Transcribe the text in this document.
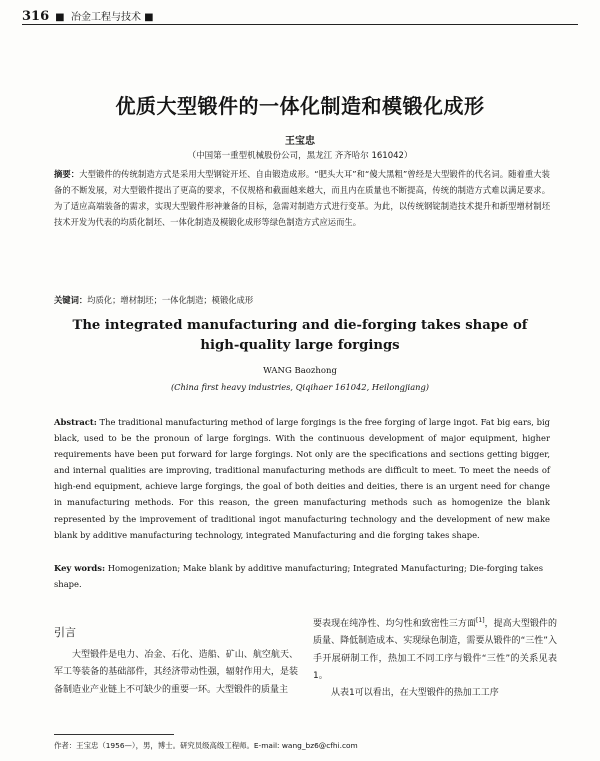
316 ■  冶金工程与技术 ■
优质大型锻件的一体化制造和模锻化成形
王宝忠
（中国第一重型机械股份公司，黑龙江 齐齐哈尔 161042）

摘要：大型锻件的传统制造方式是采用大型钢锭开坯、自由锻造成形。“肥头大耳”和“傻大黑粗”曾经是大型锻件的代名词。随着重大装备的不断发展，对大型锻件提出了更高的要求，不仅规格和截面越来越大，而且内在质量也不断提高，传统的制造方式难以满足要求。为了适应高端装备的需求，实现大型锻件形神兼备的目标，急需对制造方式进行变革。为此，以传统钢锭制造技术提升和新型增材制坯技术开发为代表的均质化制坯、一体化制造及模锻化成形等绿色制造方式应运而生。

关键词：均质化；增材制坯；一体化制造；模锻化成形

The integrated manufacturing and die-forging takes shape of high-quality large forgings

WANG Baozhong
(China first heavy industries, Qiqihaer 161042, Heilongjiang)

Abstract: The traditional manufacturing method of large forgings is the free forging of large ingot. Fat big ears, big black, used to be the pronoun of large forgings. With the continuous development of major equipment, higher requirements have been put forward for large forgings. Not only are the specifications and sections getting bigger, and internal qualities are improving, traditional manufacturing methods are difficult to meet. To meet the needs of high-end equipment, achieve large forgings, the goal of both deities and deities, there is an urgent need for change in manufacturing methods. For this reason, the green manufacturing methods such as homogenize the blank represented by the improvement of traditional ingot manufacturing technology and the development of new make blank by additive manufacturing technology, integrated Manufacturing and die forging takes shape.

Key words: Homogenization; Make blank by additive manufacturing; Integrated Manufacturing; Die-forging takes shape.

引言

大型锻件是电力、冶金、石化、造船、矿山、航空航天、军工等装备的基础部件，其经济带动性强，辐射作用大，是装备制造业产业链上不可缺少的重要一环。大型锻件的质量主

要表现在纯净性、均匀性和致密性三方面[1]，提高大型锻件的质量、降低制造成本、实现绿色制造，需要从锻件的“三性”入手开展研制工作，热加工不同工序与锻件“三性”的关系见表1。

从表1可以看出，在大型锻件的热加工工序

作者：王宝忠（1956—），男，博士。研究员级高级工程师。E-mail: wang_bz6@cfhi.com
